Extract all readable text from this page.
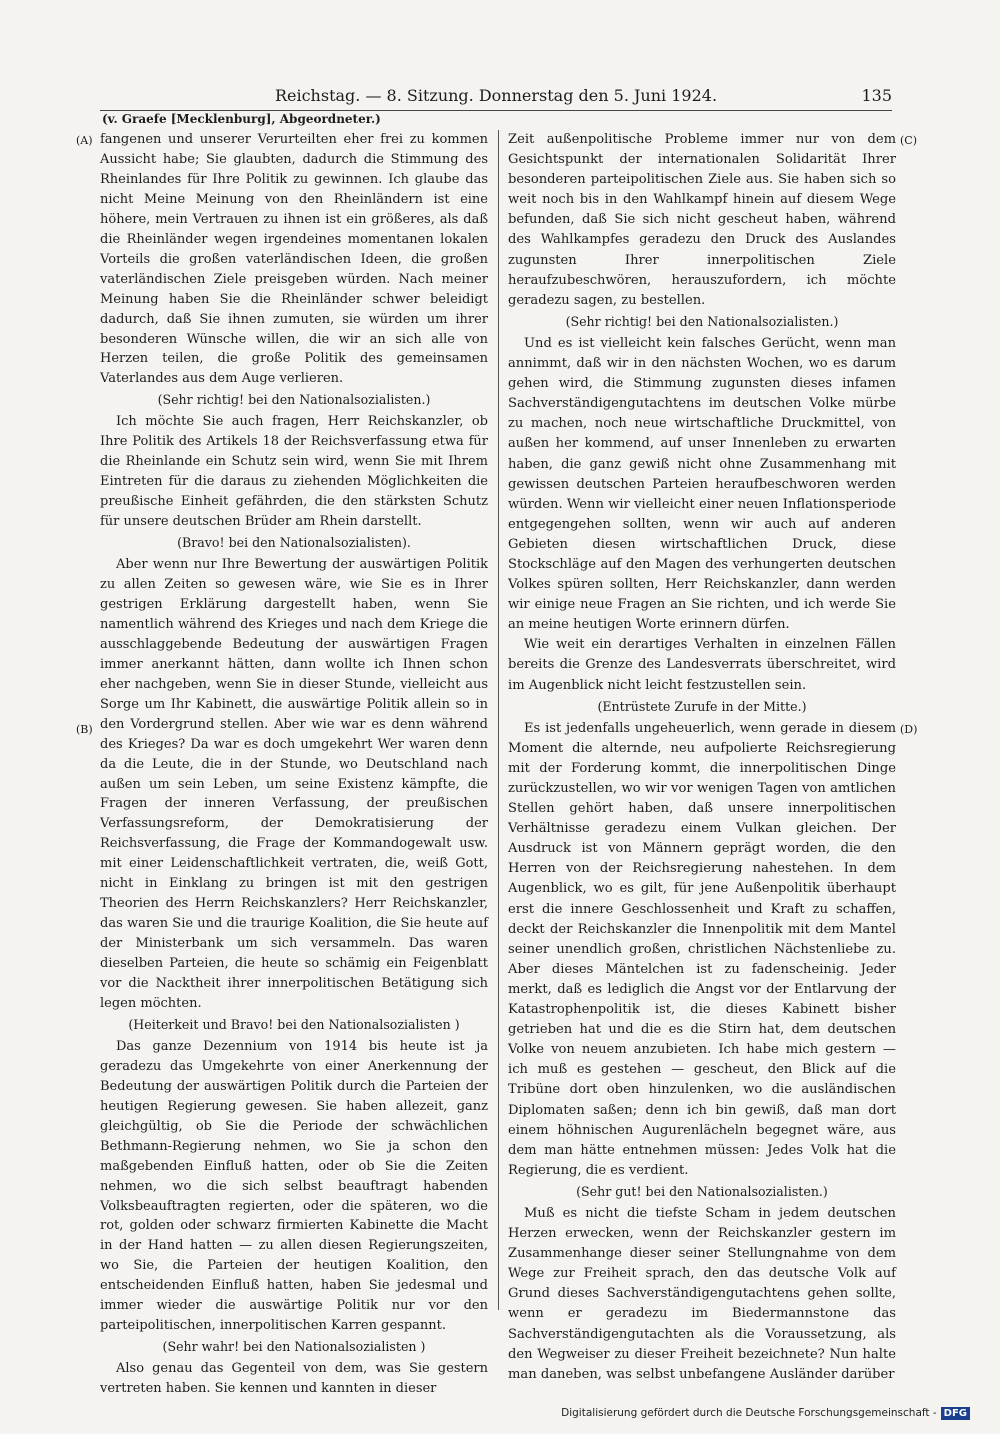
Reichstag. — 8. Sitzung. Donnerstag den 5. Juni 1924.	135
(v. Graefe [Mecklenburg], Abgeordneter.)
(A)
(B)
(C)
(D)

fangenen und unserer Verurteilten eher frei zu kommen Aussicht habe; Sie glaubten, dadurch die Stimmung des Rheinlandes für Ihre Politik zu gewinnen. Ich glaube das nicht Meine Meinung von den Rheinländern ist eine höhere, mein Vertrauen zu ihnen ist ein größeres, als daß die Rheinländer wegen irgendeines momentanen lokalen Vorteils die großen vaterländischen Ideen, die großen vaterländischen Ziele preisgeben würden. Nach meiner Meinung haben Sie die Rheinländer schwer beleidigt dadurch, daß Sie ihnen zumuten, sie würden um ihrer besonderen Wünsche willen, die wir an sich alle von Herzen teilen, die große Politik des gemeinsamen Vaterlandes aus dem Auge verlieren.

(Sehr richtig! bei den Nationalsozialisten.)

Ich möchte Sie auch fragen, Herr Reichskanzler, ob Ihre Politik des Artikels 18 der Reichsverfassung etwa für die Rheinlande ein Schutz sein wird, wenn Sie mit Ihrem Eintreten für die daraus zu ziehenden Möglichkeiten die preußische Einheit gefährden, die den stärksten Schutz für unsere deutschen Brüder am Rhein darstellt.

(Bravo! bei den Nationalsozialisten).

Aber wenn nur Ihre Bewertung der auswärtigen Politik zu allen Zeiten so gewesen wäre, wie Sie es in Ihrer gestrigen Erklärung dargestellt haben, wenn Sie namentlich während des Krieges und nach dem Kriege die ausschlaggebende Bedeutung der auswärtigen Fragen immer anerkannt hätten, dann wollte ich Ihnen schon eher nachgeben, wenn Sie in dieser Stunde, vielleicht aus Sorge um Ihr Kabinett, die auswärtige Politik allein so in den Vordergrund stellen. Aber wie war es denn während des Krieges? Da war es doch umgekehrt Wer waren denn da die Leute, die in der Stunde, wo Deutschland nach außen um sein Leben, um seine Existenz kämpfte, die Fragen der inneren Verfassung, der preußischen Verfassungsreform, der Demokratisierung der Reichsverfassung, die Frage der Kommandogewalt usw. mit einer Leidenschaftlichkeit vertraten, die, weiß Gott, nicht in Einklang zu bringen ist mit den gestrigen Theorien des Herrn Reichskanzlers? Herr Reichskanzler, das waren Sie und die traurige Koalition, die Sie heute auf der Ministerbank um sich versammeln. Das waren dieselben Parteien, die heute so schämig ein Feigenblatt vor die Nacktheit ihrer innerpolitischen Betätigung sich legen möchten.

(Heiterkeit und Bravo! bei den Nationalsozialisten )

Das ganze Dezennium von 1914 bis heute ist ja geradezu das Umgekehrte von einer Anerkennung der Bedeutung der auswärtigen Politik durch die Parteien der heutigen Regierung gewesen. Sie haben allezeit, ganz gleichgültig, ob Sie die Periode der schwächlichen Bethmann-Regierung nehmen, wo Sie ja schon den maßgebenden Einfluß hatten, oder ob Sie die Zeiten nehmen, wo die sich selbst beauftragt habenden Volksbeauftragten regierten, oder die späteren, wo die rot, golden oder schwarz firmierten Kabinette die Macht in der Hand hatten — zu allen diesen Regierungszeiten, wo Sie, die Parteien der heutigen Koalition, den entscheidenden Einfluß hatten, haben Sie jedesmal und immer wieder die auswärtige Politik nur vor den parteipolitischen, innerpolitischen Karren gespannt.

(Sehr wahr! bei den Nationalsozialisten )

Also genau das Gegenteil von dem, was Sie gestern vertreten haben. Sie kennen und kannten in dieser

Zeit außenpolitische Probleme immer nur von dem Gesichtspunkt der internationalen Solidarität Ihrer besonderen parteipolitischen Ziele aus. Sie haben sich so weit noch bis in den Wahlkampf hinein auf diesem Wege befunden, daß Sie sich nicht gescheut haben, während des Wahlkampfes geradezu den Druck des Auslandes zugunsten Ihrer innerpolitischen Ziele heraufzubeschwören, herauszufordern, ich möchte geradezu sagen, zu bestellen.

(Sehr richtig! bei den Nationalsozialisten.)

Und es ist vielleicht kein falsches Gerücht, wenn man annimmt, daß wir in den nächsten Wochen, wo es darum gehen wird, die Stimmung zugunsten dieses infamen Sachverständigengutachtens im deutschen Volke mürbe zu machen, noch neue wirtschaftliche Druckmittel, von außen her kommend, auf unser Innenleben zu erwarten haben, die ganz gewiß nicht ohne Zusammenhang mit gewissen deutschen Parteien heraufbeschworen werden würden. Wenn wir vielleicht einer neuen Inflationsperiode entgegengehen sollten, wenn wir auch auf anderen Gebieten diesen wirtschaftlichen Druck, diese Stockschläge auf den Magen des verhungerten deutschen Volkes spüren sollten, Herr Reichskanzler, dann werden wir einige neue Fragen an Sie richten, und ich werde Sie an meine heutigen Worte erinnern dürfen.

Wie weit ein derartiges Verhalten in einzelnen Fällen bereits die Grenze des Landesverrats überschreitet, wird im Augenblick nicht leicht festzustellen sein.

(Entrüstete Zurufe in der Mitte.)

Es ist jedenfalls ungeheuerlich, wenn gerade in diesem Moment die alternde, neu aufpolierte Reichsregierung mit der Forderung kommt, die innerpolitischen Dinge zurückzustellen, wo wir vor wenigen Tagen von amtlichen Stellen gehört haben, daß unsere innerpolitischen Verhältnisse geradezu einem Vulkan gleichen. Der Ausdruck ist von Männern geprägt worden, die den Herren von der Reichsregierung nahestehen. In dem Augenblick, wo es gilt, für jene Außenpolitik überhaupt erst die innere Geschlossenheit und Kraft zu schaffen, deckt der Reichskanzler die Innenpolitik mit dem Mantel seiner unendlich großen, christlichen Nächstenliebe zu. Aber dieses Mäntelchen ist zu fadenscheinig. Jeder merkt, daß es lediglich die Angst vor der Entlarvung der Katastrophenpolitik ist, die dieses Kabinett bisher getrieben hat und die es die Stirn hat, dem deutschen Volke von neuem anzubieten. Ich habe mich gestern — ich muß es gestehen — gescheut, den Blick auf die Tribüne dort oben hinzulenken, wo die ausländischen Diplomaten saßen; denn ich bin gewiß, daß man dort einem höhnischen Augurenlächeln begegnet wäre, aus dem man hätte entnehmen müssen: Jedes Volk hat die Regierung, die es verdient.

(Sehr gut! bei den Nationalsozialisten.)

Muß es nicht die tiefste Scham in jedem deutschen Herzen erwecken, wenn der Reichskanzler gestern im Zusammenhange dieser seiner Stellungnahme von dem Wege zur Freiheit sprach, den das deutsche Volk auf Grund dieses Sachverständigengutachtens gehen sollte, wenn er geradezu im Biedermannstone das Sachverständigengutachten als die Voraussetzung, als den Wegweiser zu dieser Freiheit bezeichnete? Nun halte man daneben, was selbst unbefangene Ausländer darüber

Digitalisierung gefördert durch die Deutsche Forschungsgemeinschaft - DFG
